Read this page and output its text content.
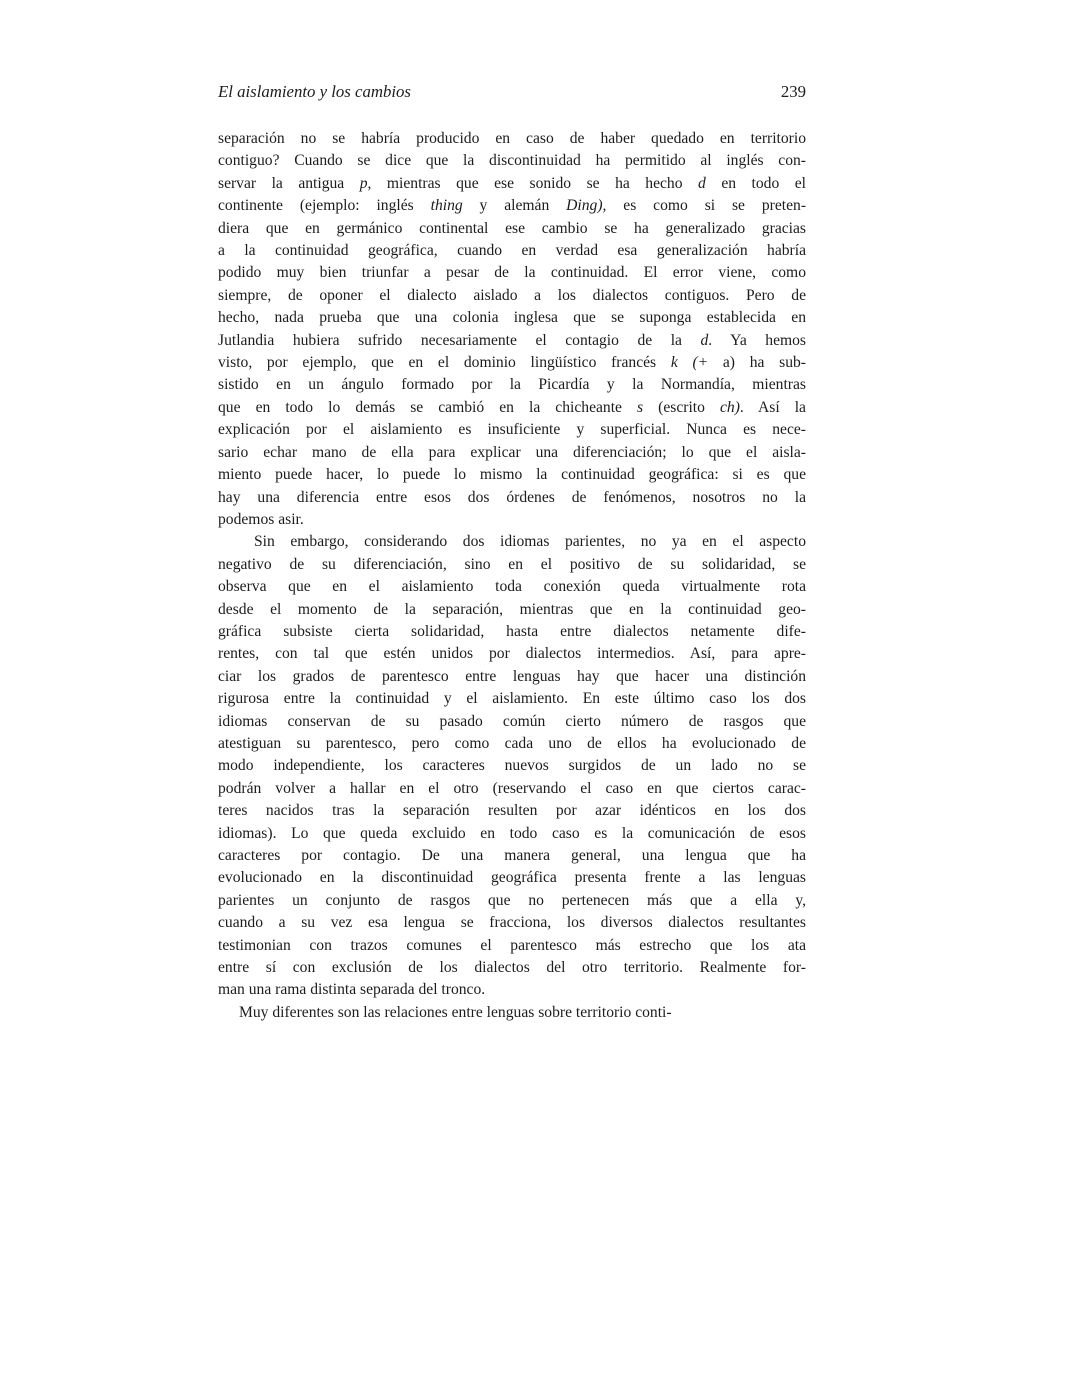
El aislamiento y los cambios	239
separación no se habría producido en caso de haber quedado en territorio
contiguo? Cuando se dice que la discontinuidad ha permitido al inglés con-
servar la antigua p, mientras que ese sonido se ha hecho d en todo el
continente (ejemplo: inglés thing y alemán Ding), es como si se preten-
diera que en germánico continental ese cambio se ha generalizado gracias
a la continuidad geográfica, cuando en verdad esa generalización habría
podido muy bien triunfar a pesar de la continuidad. El error viene, como
siempre, de oponer el dialecto aislado a los dialectos contiguos. Pero de
hecho, nada prueba que una colonia inglesa que se suponga establecida en
Jutlandia hubiera sufrido necesariamente el contagio de la d. Ya hemos
visto, por ejemplo, que en el dominio lingüístico francés k (+ a) ha sub-
sistido en un ángulo formado por la Picardía y la Normandía, mientras
que en todo lo demás se cambió en la chicheante s (escrito ch). Así la
explicación por el aislamiento es insuficiente y superficial. Nunca es nece-
sario echar mano de ella para explicar una diferenciación; lo que el aisla-
miento puede hacer, lo puede lo mismo la continuidad geográfica: si es que
hay una diferencia entre esos dos órdenes de fenómenos, nosotros no la
podemos asir.
Sin embargo, considerando dos idiomas parientes, no ya en el aspecto
negativo de su diferenciación, sino en el positivo de su solidaridad, se
observa que en el aislamiento toda conexión queda virtualmente rota
desde el momento de la separación, mientras que en la continuidad geo-
gráfica subsiste cierta solidaridad, hasta entre dialectos netamente dife-
rentes, con tal que estén unidos por dialectos intermedios. Así, para apre-
ciar los grados de parentesco entre lenguas hay que hacer una distinción
rigurosa entre la continuidad y el aislamiento. En este último caso los dos
idiomas conservan de su pasado común cierto número de rasgos que
atestiguan su parentesco, pero como cada uno de ellos ha evolucionado de
modo independiente, los caracteres nuevos surgidos de un lado no se
podrán volver a hallar en el otro (reservando el caso en que ciertos carac-
teres nacidos tras la separación resulten por azar idénticos en los dos
idiomas). Lo que queda excluido en todo caso es la comunicación de esos
caracteres por contagio. De una manera general, una lengua que ha
evolucionado en la discontinuidad geográfica presenta frente a las lenguas
parientes un conjunto de rasgos que no pertenecen más que a ella y,
cuando a su vez esa lengua se fracciona, los diversos dialectos resultantes
testimonian con trazos comunes el parentesco más estrecho que los ata
entre sí con exclusión de los dialectos del otro territorio. Realmente for-
man una rama distinta separada del tronco.
Muy diferentes son las relaciones entre lenguas sobre territorio conti-
